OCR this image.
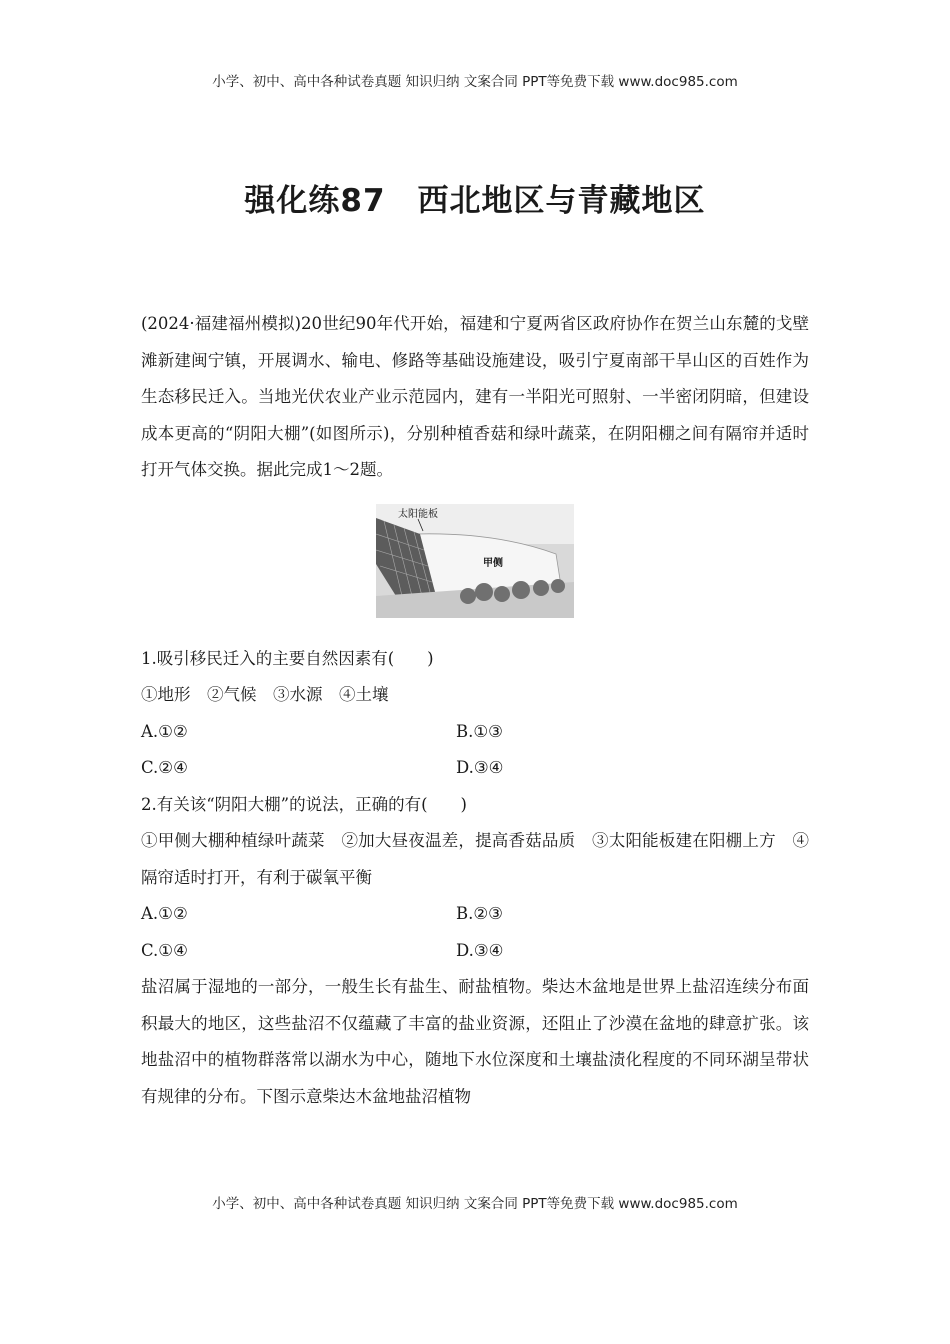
小学、初中、高中各种试卷真题 知识归纳 文案合同 PPT等免费下载 www.doc985.com
强化练87　西北地区与青藏地区

(2024·福建福州模拟)20世纪90年代开始，福建和宁夏两省区政府协作在贺兰山东麓的戈壁滩新建闽宁镇，开展调水、输电、修路等基础设施建设，吸引宁夏南部干旱山区的百姓作为生态移民迁入。当地光伏农业产业示范园内，建有一半阳光可照射、一半密闭阴暗，但建设成本更高的“阴阳大棚”(如图所示)，分别种植香菇和绿叶蔬菜，在阴阳棚之间有隔帘并适时打开气体交换。据此完成1～2题。

太阳能板
甲侧

1.吸引移民迁入的主要自然因素有(　　)

①地形　②气候　③水源　④土壤

A.①②	B.①③
C.②④	D.③④

2.有关该“阴阳大棚”的说法，正确的有(　　)

①甲侧大棚种植绿叶蔬菜　②加大昼夜温差，提高香菇品质　③太阳能板建在阳棚上方　④隔帘适时打开，有利于碳氧平衡

A.①②	B.②③
C.①④	D.③④

盐沼属于湿地的一部分，一般生长有盐生、耐盐植物。柴达木盆地是世界上盐沼连续分布面积最大的地区，这些盐沼不仅蕴藏了丰富的盐业资源，还阻止了沙漠在盆地的肆意扩张。该地盐沼中的植物群落常以湖水为中心，随地下水位深度和土壤盐渍化程度的不同环湖呈带状有规律的分布。下图示意柴达木盆地盐沼植物

小学、初中、高中各种试卷真题 知识归纳 文案合同 PPT等免费下载 www.doc985.com
